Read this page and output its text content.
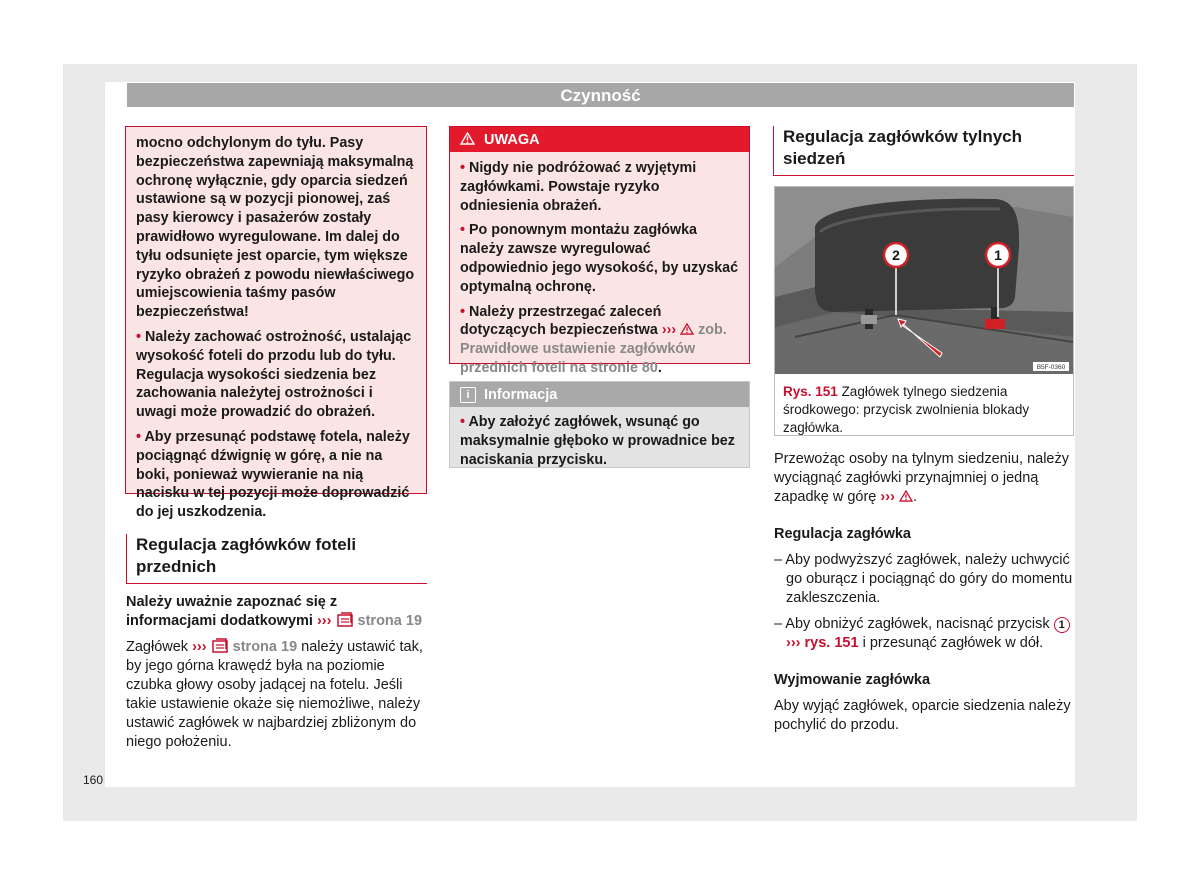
Czynność

mocno odchylonym do tyłu. Pasy bezpieczeństwa zapewniają maksymalną ochronę wyłącznie, gdy oparcia siedzeń ustawione są w pozycji pionowej, zaś pasy kierowcy i pasażerów zostały prawidłowo wyregulowane. Im dalej do tyłu odsunięte jest oparcie, tym większe ryzyko obrażeń z powodu niewłaściwego umiejscowienia taśmy pasów bezpieczeństwa!

• Należy zachować ostrożność, ustalając wysokość foteli do przodu lub do tyłu. Regulacja wysokości siedzenia bez zachowania należytej ostrożności i uwagi może prowadzić do obrażeń.

• Aby przesunąć podstawę fotela, należy pociągnąć dźwignię w górę, a nie na boki, ponieważ wywieranie na nią nacisku w tej pozycji może doprowadzić do jej uszkodzenia.

Regulacja zagłówków foteli przednich

Należy uważnie zapoznać się z informacjami dodatkowymi ››› strona 19

Zagłówek ››› strona 19 należy ustawić tak, by jego górna krawędź była na poziomie czubka głowy osoby jadącej na fotelu. Jeśli takie ustawienie okaże się niemożliwe, należy ustawić zagłówek w najbardziej zbliżonym do niego położeniu.

UWAGA

• Nigdy nie podróżować z wyjętymi zagłówkami. Powstaje ryzyko odniesienia obrażeń.

• Po ponownym montażu zagłówka należy zawsze wyregulować odpowiednio jego wysokość, by uzyskać optymalną ochronę.

• Należy przestrzegać zaleceń dotyczących bezpieczeństwa ››› zob. Prawidłowe ustawienie zagłówków przednich foteli na stronie 80.

i Informacja
• Aby założyć zagłówek, wsunąć go maksymalnie głęboko w prowadnice bez naciskania przycisku.
Regulacja zagłówków tylnych siedzeń
2	1
B5F-0360
Rys. 151 Zagłówek tylnego siedzenia środkowego: przycisk zwolnienia blokady zagłówka.

Przewożąc osoby na tylnym siedzeniu, należy wyciągnąć zagłówki przynajmniej o jedną zapadkę w górę ››› .

Regulacja zagłówka

– Aby podwyższyć zagłówek, należy uchwycić go oburącz i pociągnąć do góry do momentu zakleszczenia.

– Aby obniżyć zagłówek, nacisnąć przycisk 1 ››› rys. 151 i przesunąć zagłówek w dół.

Wyjmowanie zagłówka

Aby wyjąć zagłówek, oparcie siedzenia należy pochylić do przodu.

160
